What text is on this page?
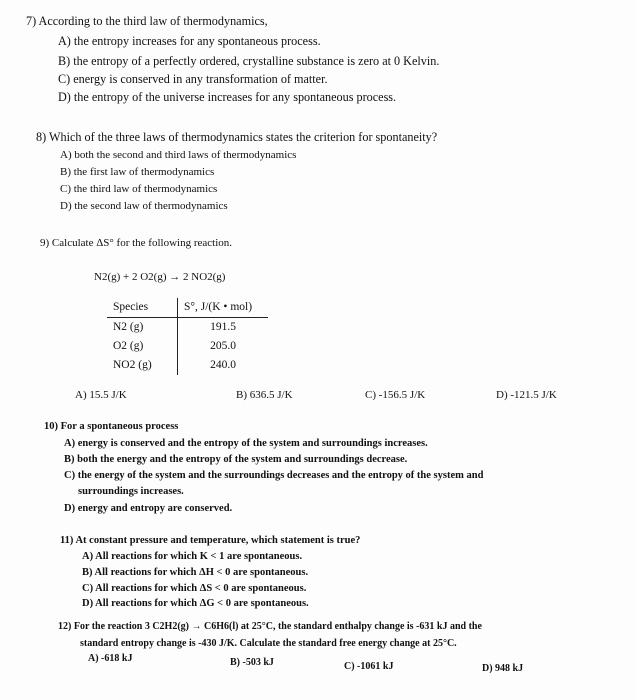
7) According to the third law of thermodynamics,
A) the entropy increases for any spontaneous process.
B) the entropy of a perfectly ordered, crystalline substance is zero at 0 Kelvin.
C) energy is conserved in any transformation of matter.
D) the entropy of the universe increases for any spontaneous process.
8) Which of the three laws of thermodynamics states the criterion for spontaneity?
A) both the second and third laws of thermodynamics
B) the first law of thermodynamics
C) the third law of thermodynamics
D) the second law of thermodynamics
9) Calculate ΔS° for the following reaction.
N2(g) + 2 O2(g) → 2 NO2(g)
Species	S°, J/(K • mol)
N2 (g)	191.5
O2 (g)	205.0
NO2 (g)	240.0
A) 15.5 J/K	B) 636.5 J/K	C) -156.5 J/K	D) -121.5 J/K
10) For a spontaneous process
A) energy is conserved and the entropy of the system and surroundings increases.
B) both the energy and the entropy of the system and surroundings decrease.
C) the energy of the system and the surroundings decreases and the entropy of the system and
surroundings increases.
D) energy and entropy are conserved.
11) At constant pressure and temperature, which statement is true?
A) All reactions for which K < 1 are spontaneous.
B) All reactions for which ΔH < 0 are spontaneous.
C) All reactions for which ΔS < 0 are spontaneous.
D) All reactions for which ΔG < 0 are spontaneous.
12) For the reaction 3 C2H2(g) → C6H6(l) at 25°C, the standard enthalpy change is -631 kJ and the
standard entropy change is -430 J/K. Calculate the standard free energy change at 25°C.
A) -618 kJ	B) -503 kJ	C) -1061 kJ	D) 948 kJ
